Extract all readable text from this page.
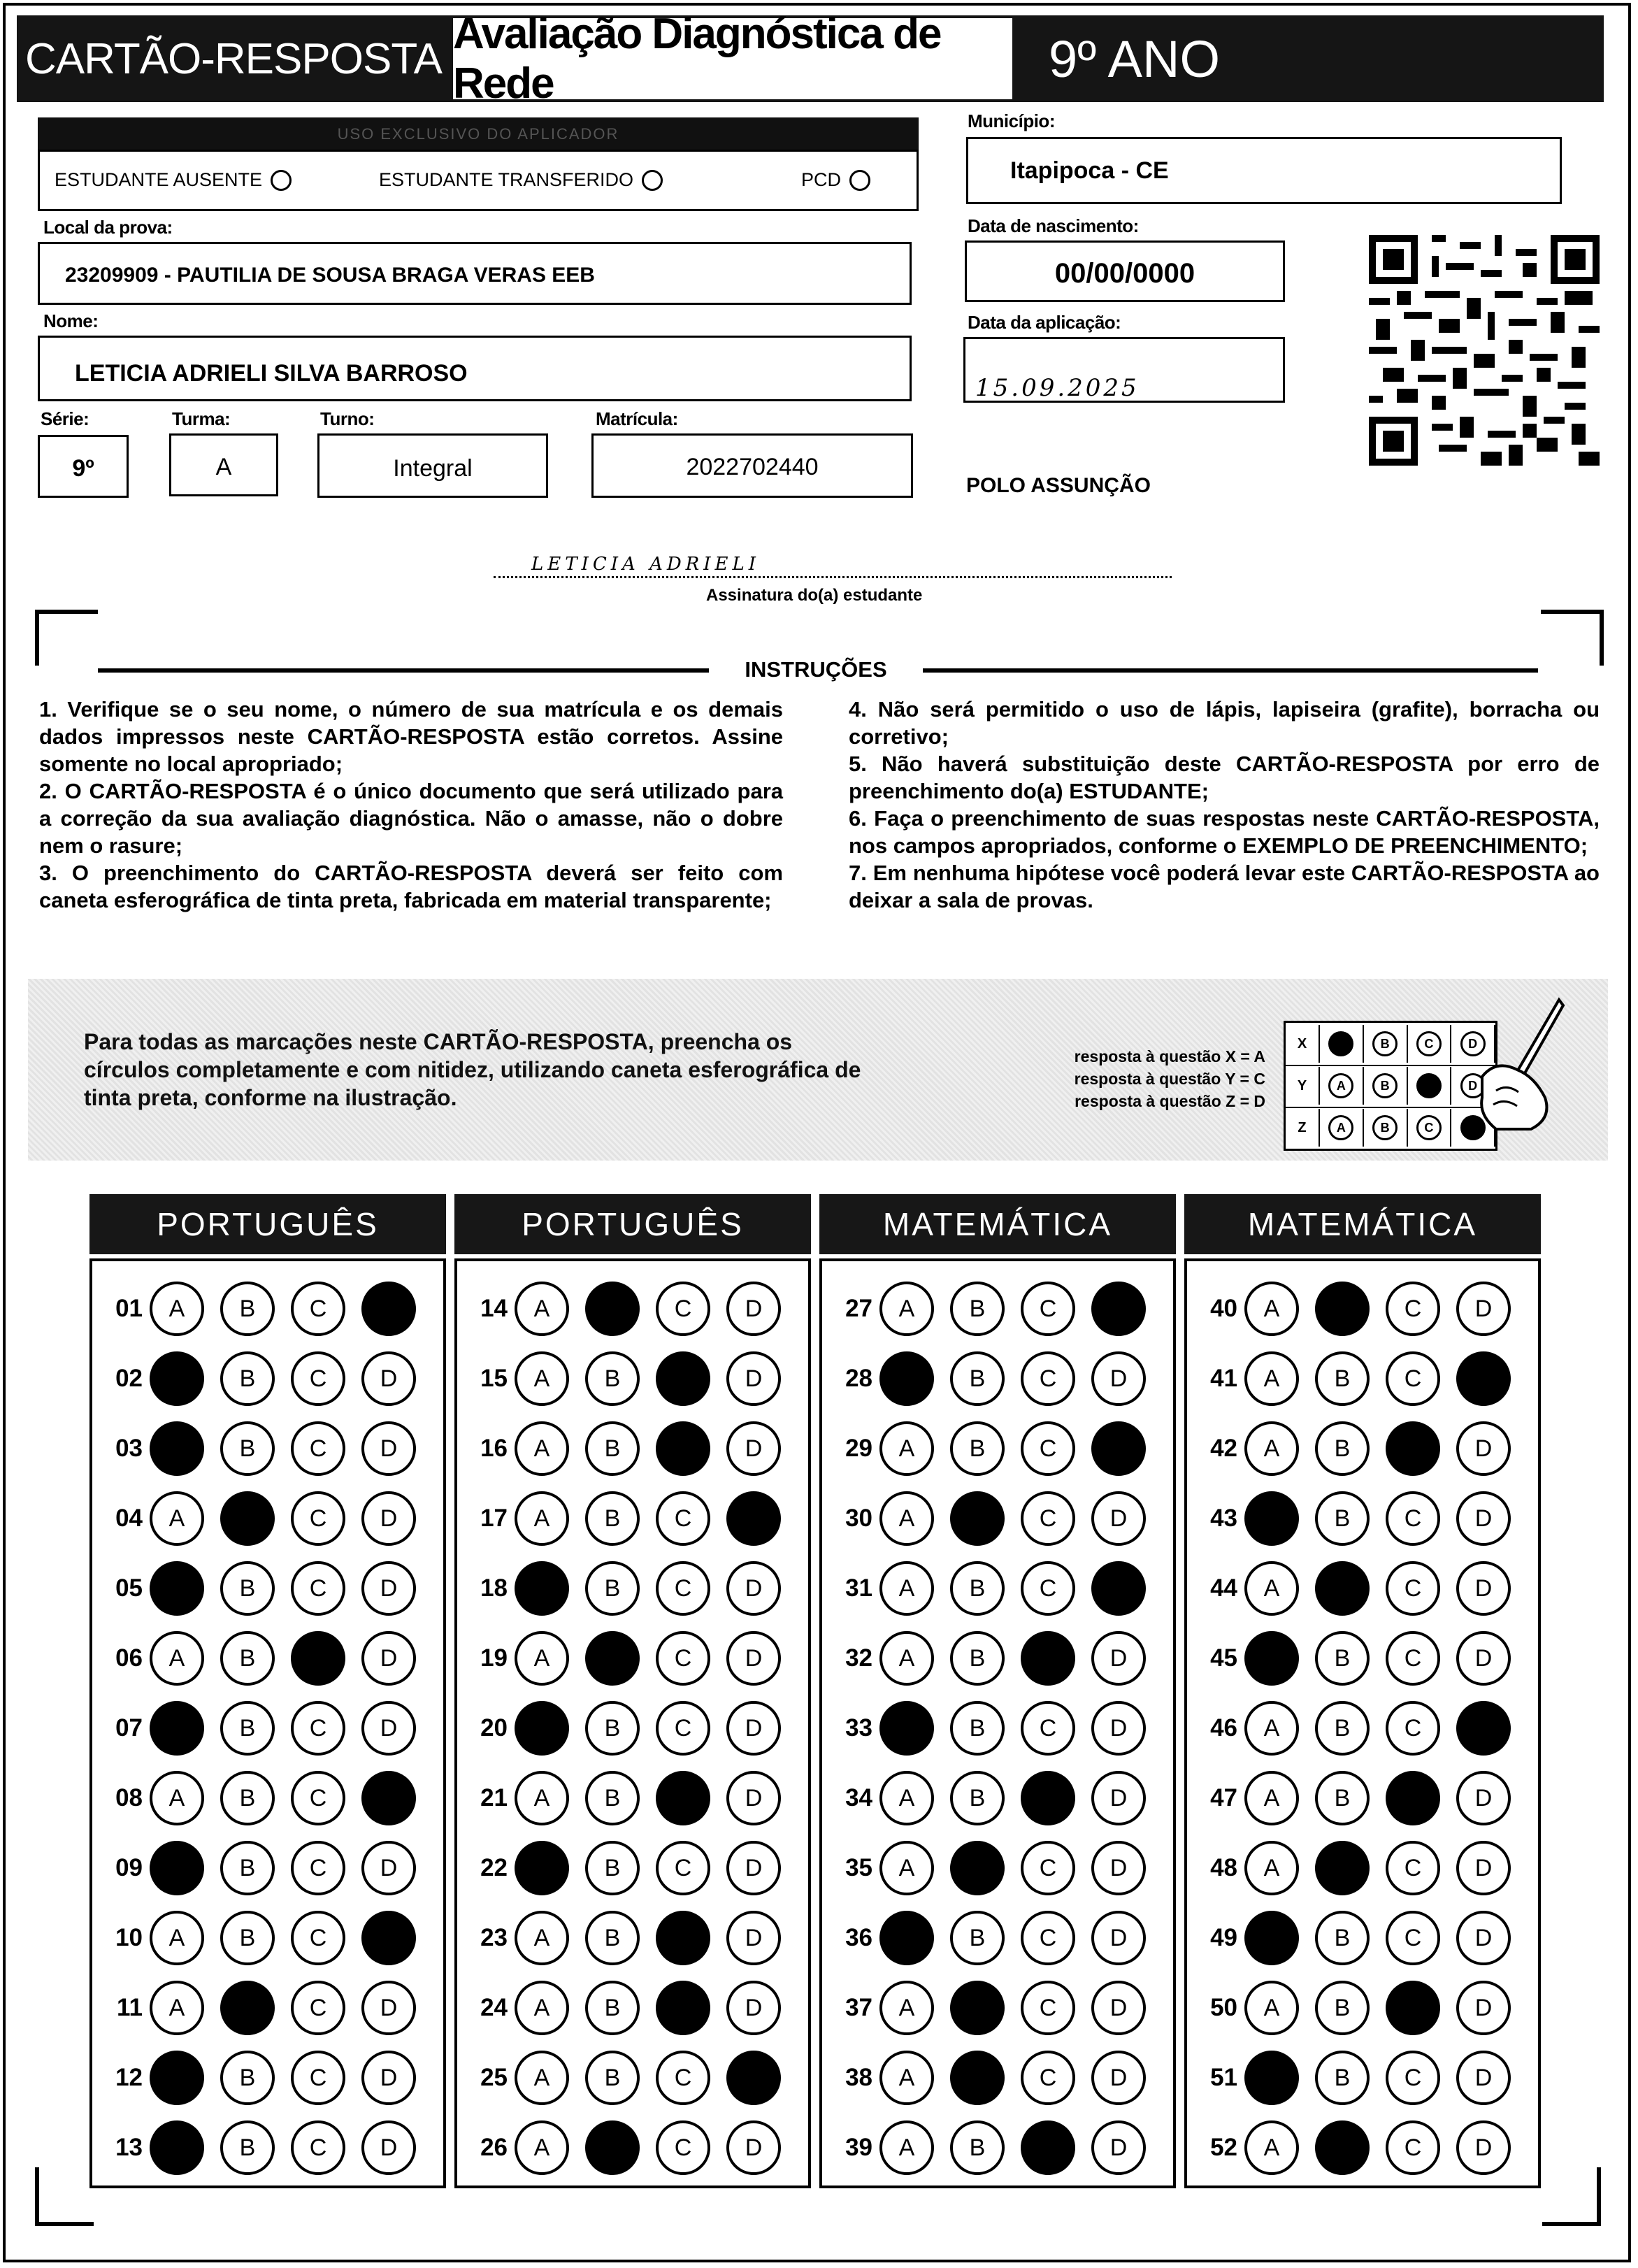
CARTÃO-RESPOSTA
Avaliação Diagnóstica de Rede	9º ANO
USO EXCLUSIVO DO APLICADOR
ESTUDANTE AUSENTE	ESTUDANTE TRANSFERIDO	PCD
Município:
Itapipoca - CE
Local da prova:
23209909 - PAUTILIA DE SOUSA BRAGA VERAS EEB
Data de nascimento:
00/00/0000
Nome:
LETICIA ADRIELI SILVA BARROSO
Data da aplicação:
15.09.2025
Série:
9º
Turma:
A
Turno:
Integral
Matrícula:
2022702440
POLO ASSUNÇÃO
LETICIA ADRIELI
Assinatura do(a) estudante
INSTRUÇÕES

1. Verifique se o seu nome, o número de sua matrícula e os demais dados impressos neste CARTÃO-RESPOSTA estão corretos. Assine somente no local apropriado;

2. O CARTÃO-RESPOSTA é o único documento que será utilizado para a correção da sua avaliação diagnóstica. Não o amasse, não o dobre nem o rasure;

3. O preenchimento do CARTÃO-RESPOSTA deverá ser feito com caneta esferográfica de tinta preta, fabricada em material transparente;

4. Não será permitido o uso de lápis, lapiseira (grafite), borracha ou corretivo;

5. Não haverá substituição deste CARTÃO-RESPOSTA por erro de preenchimento do(a) ESTUDANTE;

6. Faça o preenchimento de suas respostas neste CARTÃO-RESPOSTA, nos campos apropriados, conforme o EXEMPLO DE PREENCHIMENTO;

7. Em nenhuma hipótese você poderá levar este CARTÃO-RESPOSTA ao deixar a sala de provas.

Para todas as marcações neste CARTÃO-RESPOSTA, preencha os círculos completamente e com nitidez, utilizando caneta esferográfica de tinta preta, conforme na ilustração.
resposta à questão X = A
resposta à questão Y = C
resposta à questão Z = D
X	B	C	D
Y	A	B	D
Z	A	B	C
PORTUGUÊS
01	A	B	C
02	B	C	D
03	B	C	D
04	A	C	D
05	B	C	D
06	A	B	D
07	B	C	D
08	A	B	C
09	B	C	D
10	A	B	C
11	A	C	D
12	B	C	D
13	B	C	D
PORTUGUÊS
14	A	C	D
15	A	B	D
16	A	B	D
17	A	B	C
18	B	C	D
19	A	C	D
20	B	C	D
21	A	B	D
22	B	C	D
23	A	B	D
24	A	B	D
25	A	B	C
26	A	C	D
MATEMÁTICA
27	A	B	C
28	B	C	D
29	A	B	C
30	A	C	D
31	A	B	C
32	A	B	D
33	B	C	D
34	A	B	D
35	A	C	D
36	B	C	D
37	A	C	D
38	A	C	D
39	A	B	D
MATEMÁTICA
40	A	C	D
41	A	B	C
42	A	B	D
43	B	C	D
44	A	C	D
45	B	C	D
46	A	B	C
47	A	B	D
48	A	C	D
49	B	C	D
50	A	B	D
51	B	C	D
52	A	C	D
